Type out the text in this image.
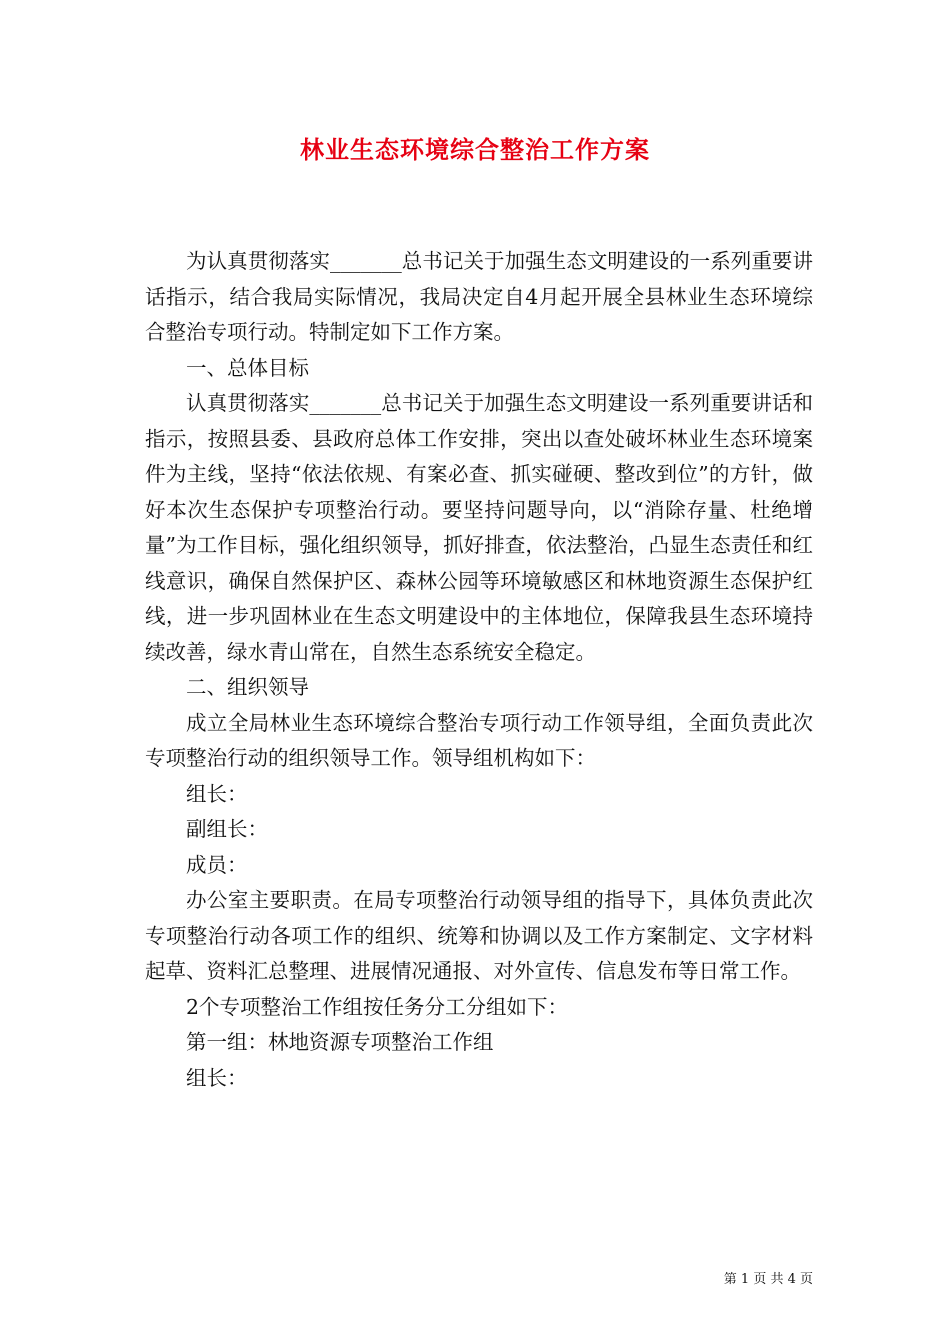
林业生态环境综合整治工作方案

为认真贯彻落实_______总书记关于加强生态文明建设的一系列重要讲话指示，结合我局实际情况，我局决定自4月起开展全县林业生态环境综合整治专项行动。特制定如下工作方案。

一、总体目标

认真贯彻落实_______总书记关于加强生态文明建设一系列重要讲话和指示，按照县委、县政府总体工作安排，突出以查处破坏林业生态环境案件为主线，坚持“依法依规、有案必查、抓实碰硬、整改到位”的方针，做好本次生态保护专项整治行动。要坚持问题导向，以“消除存量、杜绝增量”为工作目标，强化组织领导，抓好排查，依法整治，凸显生态责任和红线意识，确保自然保护区、森林公园等环境敏感区和林地资源生态保护红线，进一步巩固林业在生态文明建设中的主体地位，保障我县生态环境持续改善，绿水青山常在，自然生态系统安全稳定。

二、组织领导

成立全局林业生态环境综合整治专项行动工作领导组，全面负责此次专项整治行动的组织领导工作。领导组机构如下：

组长：

副组长：

成员：

办公室主要职责。在局专项整治行动领导组的指导下，具体负责此次专项整治行动各项工作的组织、统筹和协调以及工作方案制定、文字材料起草、资料汇总整理、进展情况通报、对外宣传、信息发布等日常工作。

2个专项整治工作组按任务分工分组如下：

第一组：林地资源专项整治工作组

组长：

第 1 页 共 4 页
